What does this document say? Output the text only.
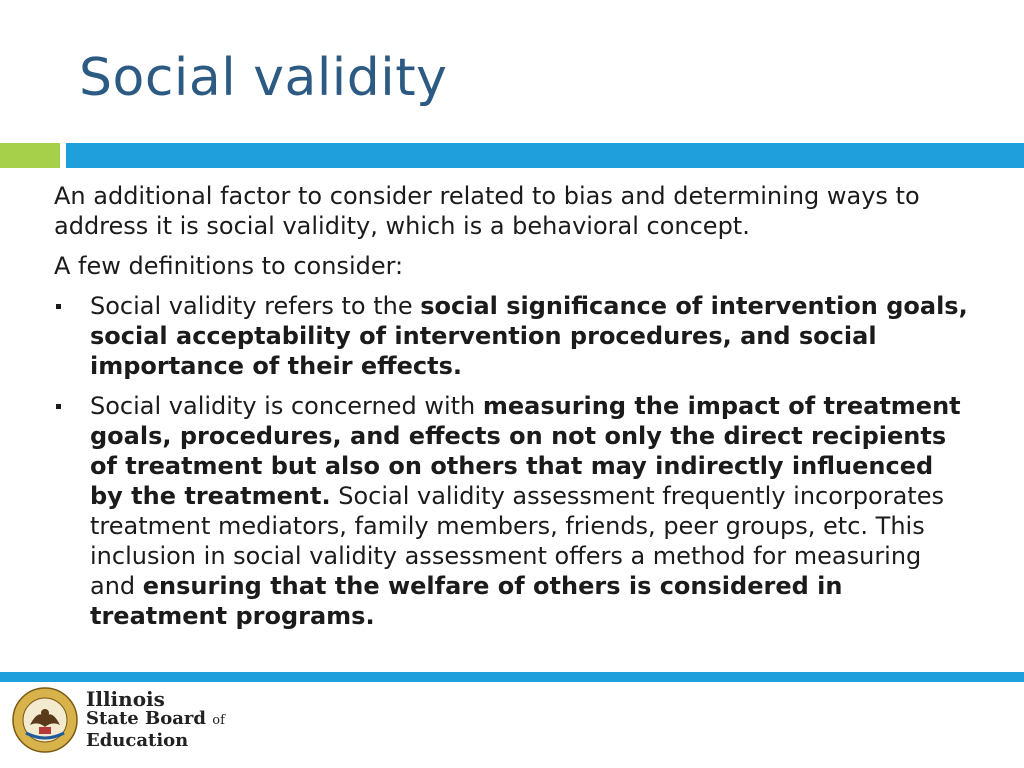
Social validity

An additional factor to consider related to bias and determining ways to address it is social validity, which is a behavioral concept.

A few definitions to consider:

Social validity refers to the social significance of intervention goals, social acceptability of intervention procedures, and social importance of their effects.
Social validity is concerned with measuring the impact of treatment goals, procedures, and effects on not only the direct recipients of treatment but also on others that may indirectly influenced by the treatment. Social validity assessment frequently incorporates treatment mediators, family members, friends, peer groups, etc. This inclusion in social validity assessment offers a method for measuring and ensuring that the welfare of others is considered in treatment programs.
Illinois
State Board of
Education
